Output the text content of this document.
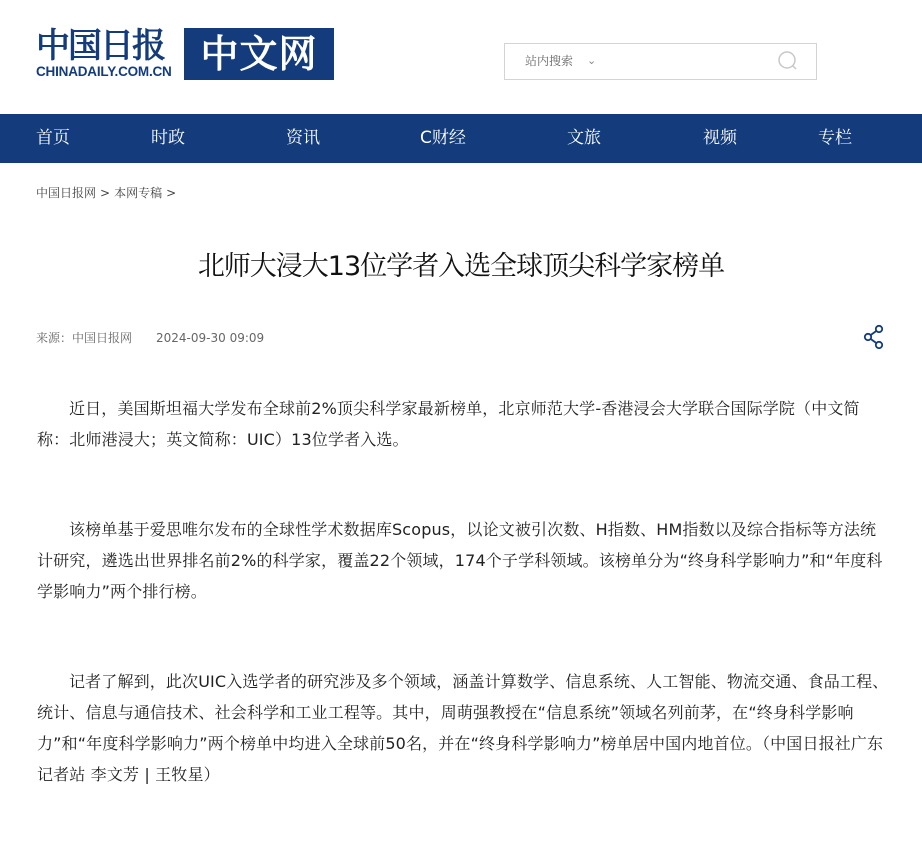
中国日报
CHINADAILY.COM.CN 中文网	站内搜索 ⌄
首页	时政	资讯	C财经	文旅	视频	专栏
中国日报网 > 本网专稿 >
北师大浸大13位学者入选全球顶尖科学家榜单
来源：中国日报网 2024-09-30 09:09

近日，美国斯坦福大学发布全球前2%顶尖科学家最新榜单，北京师范大学-香港浸会大学联合国际学院（中文简称：北师港浸大；英文简称：UIC）13位学者入选。

该榜单基于爱思唯尔发布的全球性学术数据库Scopus，以论文被引次数、H指数、HM指数以及综合指标等方法统计研究，遴选出世界排名前2%的科学家，覆盖22个领域，174个子学科领域。该榜单分为“终身科学影响力”和“年度科学影响力”两个排行榜。

记者了解到，此次UIC入选学者的研究涉及多个领域，涵盖计算数学、信息系统、人工智能、物流交通、食品工程、统计、信息与通信技术、社会科学和工业工程等。其中，周萌强教授在“信息系统”领域名列前茅，在“终身科学影响力”和“年度科学影响力”两个榜单中均进入全球前50名，并在“终身科学影响力”榜单居中国内地首位。（中国日报社广东记者站 李文芳 | 王牧星）
